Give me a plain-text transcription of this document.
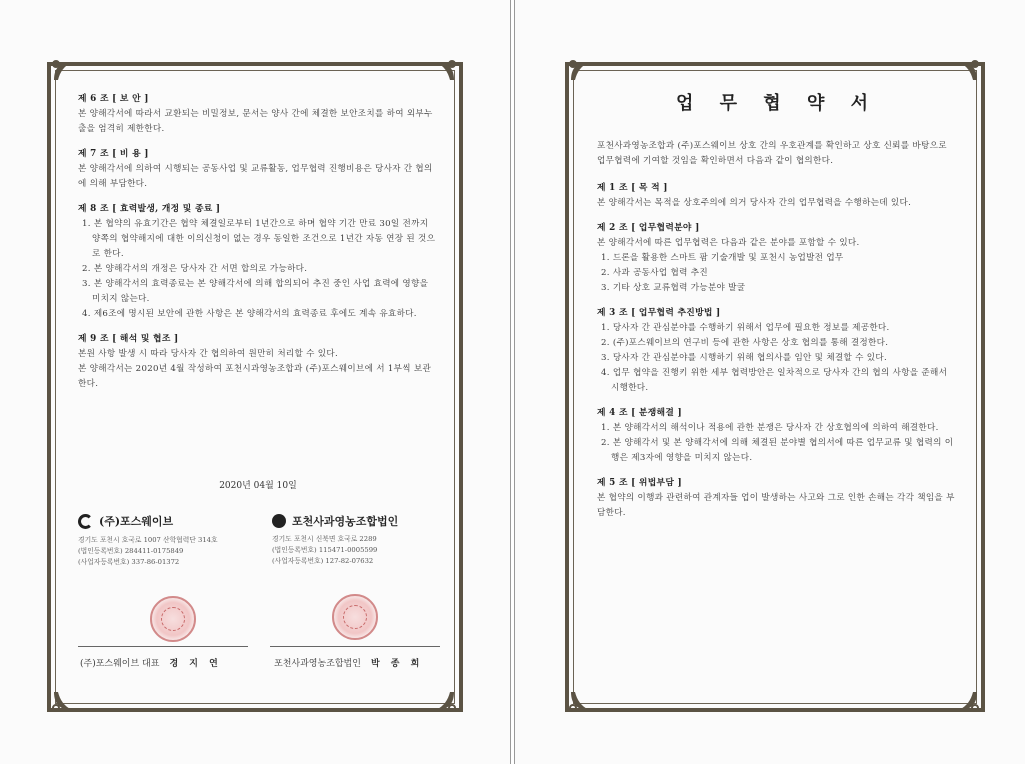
제 6 조 [ 보 안 ]
본 양해각서에 따라서 교환되는 비밀정보, 문서는 양사 간에 체결한 보안조치를 하여 외부누출을 엄격히 제한한다.
제 7 조 [ 비 용 ]
본 양해각서에 의하여 시행되는 공동사업 및 교류활동, 업무협력 진행비용은 당사자 간 협의에 의해 부담한다.
제 8 조 [ 효력발생, 개정 및 종료 ]
1. 본 협약의 유효기간은 협약 체결일로부터 1년간으로 하며 협약 기간 만료 30일 전까지 양쪽의 협약해지에 대한 이의신청이 없는 경우 동일한 조건으로 1년간 자동 연장 된 것으로 한다.
2. 본 양해각서의 개정은 당사자 간 서면 합의로 가능하다.
3. 본 양해각서의 효력종료는 본 양해각서에 의해 합의되어 추진 중인 사업 효력에 영향을 미치지 않는다.
4. 제6조에 명시된 보안에 관한 사항은 본 양해각서의 효력종료 후에도 계속 유효하다.
제 9 조 [ 해석 및 협조 ]
본원 사항 발생 시 따라 당사자 간 협의하여 원만히 처리할 수 있다.
본 양해각서는 2020년 4월 작성하여 포천시과영농조합과 (주)포스웨이브에 서 1부씩 보관한다.
2020년 04월 10일
(주)포스웨이브
경기도 포천시 호국로 1007 산학협력단 314호
(법인등록번호) 284411-0175849
(사업자등록번호) 337-86-01372
포천사과영농조합법인
경기도 포천시 신북면 호국로 2289
(법인등록번호) 115471-0005599
(사업자등록번호) 127-82-07632
(주)포스웨이브 대표 경 지 연	포천사과영농조합법인 박 종 희
업 무 협 약 서
포천사과영농조합과 (주)포스웨이브 상호 간의 우호관계를 확인하고 상호 신뢰를 바탕으로 업무협력에 기여할 것임을 확인하면서 다음과 같이 협의한다.
제 1 조 [ 목 적 ]
본 양해각서는 목적을 상호주의에 의거 당사자 간의 업무협력을 수행하는데 있다.
제 2 조 [ 업무협력분야 ]
본 양해각서에 따른 업무협력은 다음과 같은 분야를 포함할 수 있다.
1. 드론을 활용한 스마트 팜 기술개발 및 포천시 농업발전 업무
2. 사과 공동사업 협력 추진
3. 기타 상호 교류협력 가능분야 발굴
제 3 조 [ 업무협력 추진방법 ]
1. 당사자 간 관심분야를 수행하기 위해서 업무에 필요한 정보를 제공한다.
2. (주)포스웨이브의 연구비 등에 관한 사항은 상호 협의를 통해 결정한다.
3. 당사자 간 관심분야를 시행하기 위해 협의사를 임안 및 체결할 수 있다.
4. 업무 협약을 진행키 위한 세부 협력방안은 일차적으로 당사자 간의 협의 사항을 준해서 시행한다.
제 4 조 [ 분쟁해결 ]
1. 본 양해각서의 해석이나 적용에 관한 분쟁은 당사자 간 상호협의에 의하여 해결한다.
2. 본 양해각서 및 본 양해각서에 의해 체결된 분야별 협의서에 따른 업무교류 및 협력의 이행은 제3자에 영향을 미치지 않는다.
제 5 조 [ 위법부담 ]
본 협약의 이행과 관련하여 관계자들 업이 발생하는 사고와 그로 인한 손해는 각각 책임을 부담한다.
